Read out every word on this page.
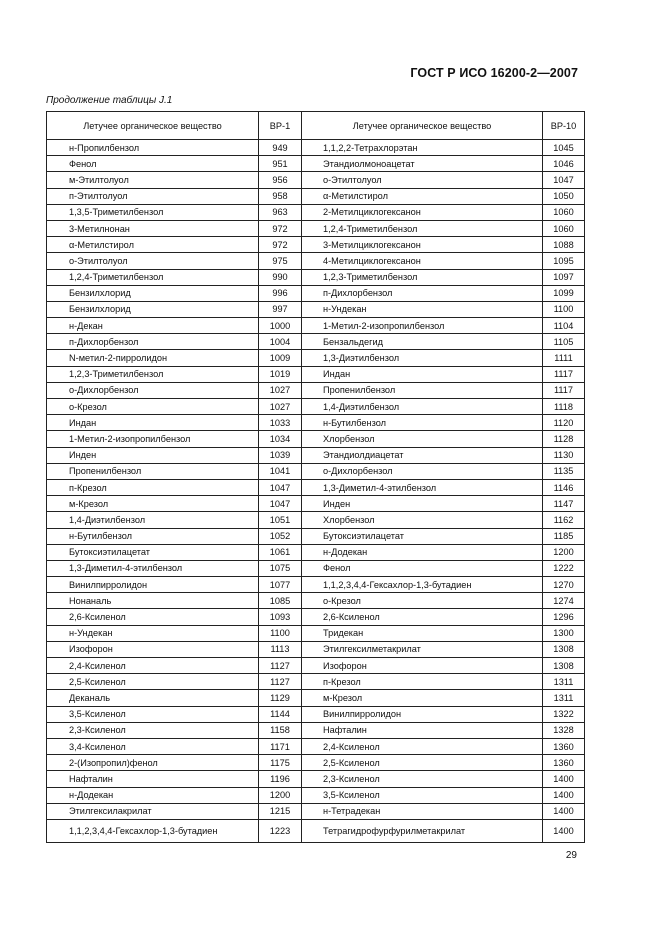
ГОСТ Р ИСО 16200-2—2007
Продолжение таблицы J.1
Летучее органическое вещество	BP-1	Летучее органическое вещество	BP-10
н-Пропилбензол	949	1,1,2,2-Тетрахлорэтан	1045
Фенол	951	Этандиолмоноацетат	1046
м-Этилтолуол	956	о-Этилтолуол	1047
п-Этилтолуол	958	α-Метилстирол	1050
1,3,5-Триметилбензол	963	2-Метилциклогексанон	1060
3-Метилнонан	972	1,2,4-Триметилбензол	1060
α-Метилстирол	972	3-Метилциклогексанон	1088
о-Этилтолуол	975	4-Метилциклогексанон	1095
1,2,4-Триметилбензол	990	1,2,3-Триметилбензол	1097
Бензилхлорид	996	п-Дихлорбензол	1099
Бензилхлорид	997	н-Ундекан	1100
н-Декан	1000	1-Метил-2-изопропилбензол	1104
п-Дихлорбензол	1004	Бензальдегид	1105
N-метил-2-пирролидон	1009	1,3-Диэтилбензол	1111
1,2,3-Триметилбензол	1019	Индан	1117
о-Дихлорбензол	1027	Пропенилбензол	1117
о-Крезол	1027	1,4-Диэтилбензол	1118
Индан	1033	н-Бутилбензол	1120
1-Метил-2-изопропилбензол	1034	Хлорбензол	1128
Инден	1039	Этандиолдиацетат	1130
Пропенилбензол	1041	о-Дихлорбензол	1135
п-Крезол	1047	1,3-Диметил-4-этилбензол	1146
м-Крезол	1047	Инден	1147
1,4-Диэтилбензол	1051	Хлорбензол	1162
н-Бутилбензол	1052	Бутоксиэтилацетат	1185
Бутоксиэтилацетат	1061	н-Додекан	1200
1,3-Диметил-4-этилбензол	1075	Фенол	1222
Винилпирролидон	1077	1,1,2,3,4,4-Гексахлор-1,3-бутадиен	1270
Нонаналь	1085	о-Крезол	1274
2,6-Ксиленол	1093	2,6-Ксиленол	1296
н-Ундекан	1100	Тридекан	1300
Изофорон	1113	Этилгексилметакрилат	1308
2,4-Ксиленол	1127	Изофорон	1308
2,5-Ксиленол	1127	п-Крезол	1311
Деканаль	1129	м-Крезол	1311
3,5-Ксиленол	1144	Винилпирролидон	1322
2,3-Ксиленол	1158	Нафталин	1328
3,4-Ксиленол	1171	2,4-Ксиленол	1360
2-(Изопропил)фенол	1175	2,5-Ксиленол	1360
Нафталин	1196	2,3-Ксиленол	1400
н-Додекан	1200	3,5-Ксиленол	1400
Этилгексилакрилат	1215	н-Тетрадекан	1400
1,1,2,3,4,4-Гексахлор-1,3-бутадиен	1223	Тетрагидрофурфурилметакрилат	1400
29
